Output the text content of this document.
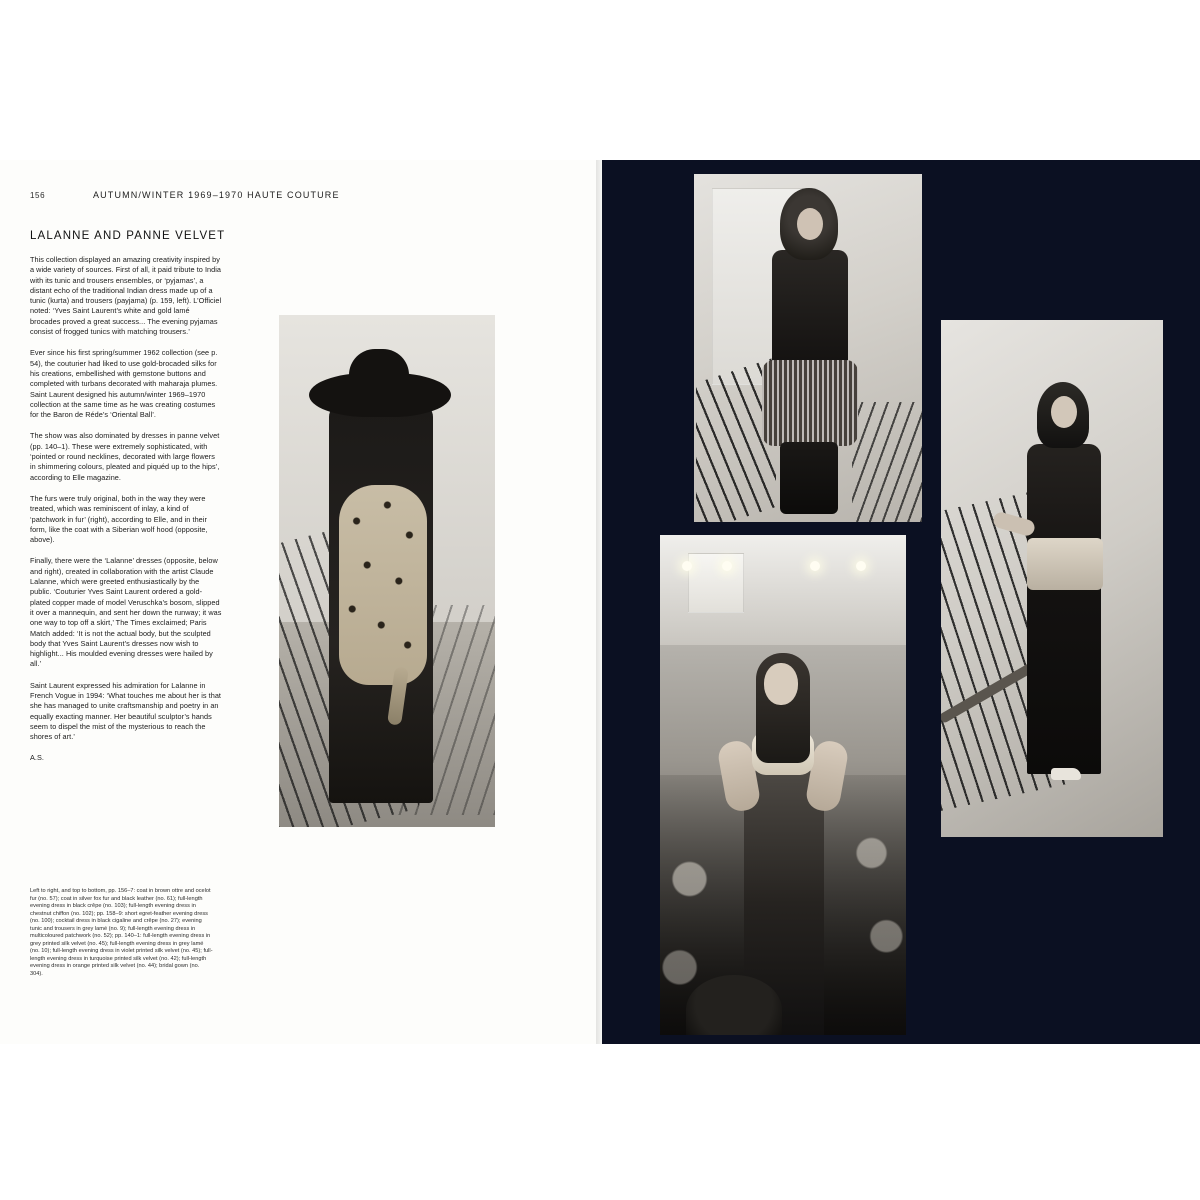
156	AUTUMN/WINTER 1969–1970 HAUTE COUTURE
LALANNE AND PANNE VELVET

This collection displayed an amazing creativity inspired by a wide variety of sources. First of all, it paid tribute to India with its tunic and trousers ensembles, or ‘pyjamas’, a distant echo of the traditional Indian dress made up of a tunic (kurta) and trousers (payjama) (p. 159, left). L’Officiel noted: ‘Yves Saint Laurent’s white and gold lamé brocades proved a great success... The evening pyjamas consist of frogged tunics with matching trousers.’

Ever since his first spring/summer 1962 collection (see p. 54), the couturier had liked to use gold-brocaded silks for his creations, embellished with gemstone buttons and completed with turbans decorated with maharaja plumes. Saint Laurent designed his autumn/winter 1969–1970 collection at the same time as he was creating costumes for the Baron de Réde’s ‘Oriental Ball’.

The show was also dominated by dresses in panne velvet (pp. 140–1). These were extremely sophisticated, with ‘pointed or round necklines, decorated with large flowers in shimmering colours, pleated and piquéd up to the hips’, according to Elle magazine.

The furs were truly original, both in the way they were treated, which was reminiscent of inlay, a kind of ‘patchwork in fur’ (right), according to Elle, and in their form, like the coat with a Siberian wolf hood (opposite, above).

Finally, there were the ‘Lalanne’ dresses (opposite, below and right), created in collaboration with the artist Claude Lalanne, which were greeted enthusiastically by the public. ‘Couturier Yves Saint Laurent ordered a gold-plated copper made of model Veruschka’s bosom, slipped it over a mannequin, and sent her down the runway; it was one way to top off a skirt,’ The Times exclaimed; Paris Match added: ‘It is not the actual body, but the sculpted body that Yves Saint Laurent’s dresses now wish to highlight... His moulded evening dresses were hailed by all.’

Saint Laurent expressed his admiration for Lalanne in French Vogue in 1994: ‘What touches me about her is that she has managed to unite craftsmanship and poetry in an equally exacting manner. Her beautiful sculptor’s hands seem to dispel the mist of the mysterious to reach the shores of art.’

A.S.

Left to right, and top to bottom, pp. 156–7: coat in brown ottre and ocelot fur (no. 57); coat in silver fox fur and black leather (no. 61); full-length evening dress in black crêpe (no. 103); full-length evening dress in chestnut chiffon (no. 102); pp. 158–9: short egret-feather evening dress (no. 100); cocktail dress in black cigaline and crêpe (no. 27); evening tunic and trousers in grey lamé (no. 9); full-length evening dress in multicoloured patchwork (no. 52); pp. 140–1: full-length evening dress in grey printed silk velvet (no. 45); full-length evening dress in grey lamé (no. 10); full-length evening dress in violet printed silk velvet (no. 45); full-length evening dress in turquoise printed silk velvet (no. 42); full-length evening dress in orange printed silk velvet (no. 44); bridal gown (no. 304).
